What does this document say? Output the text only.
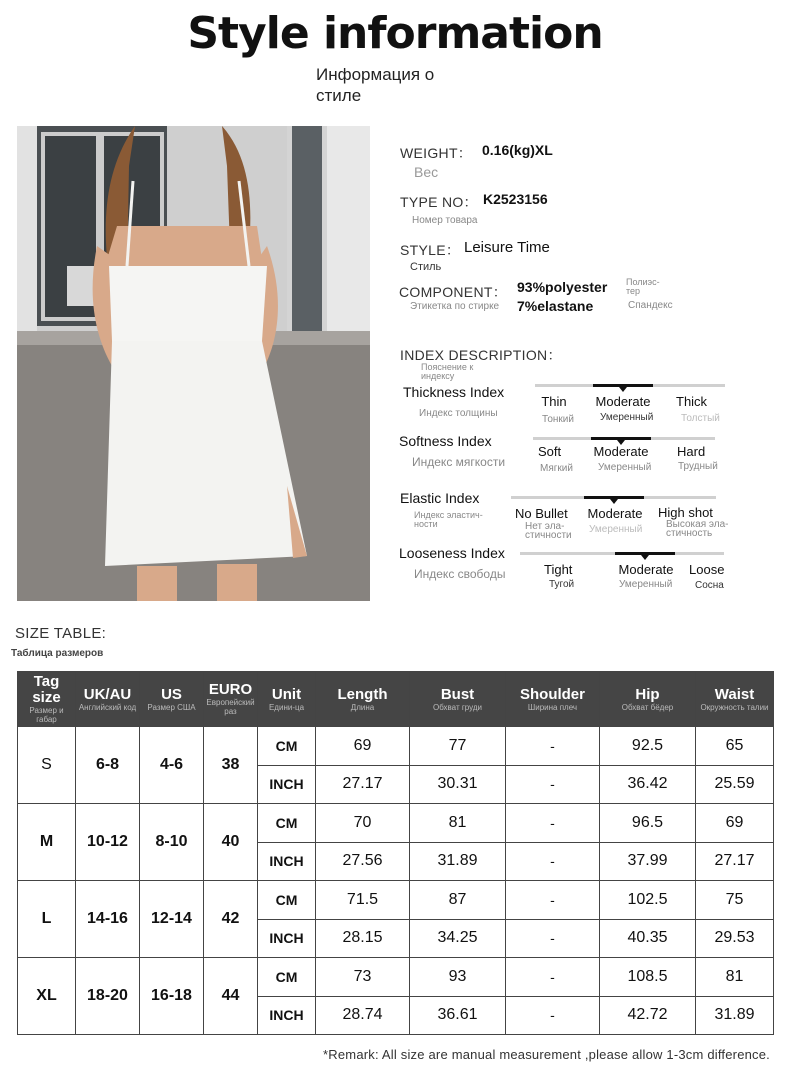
Style information
Информация о стиле
WEIGHT： 0.16(kg)XL
Вес
TYPE NO： K2523156
Номер товара
STYLE： Leisure Time
Стиль
COMPONENT：
Этикетка по стирке
93%polyester
7%elastane
Полиэс-тер
Спандекс
INDEX DESCRIPTION：
Пояснение к индексу
Thickness Index
Индекс толщины
Thin
Тонкий
Moderate
Умеренный
Thick
Толстый
Softness Index
Индекс мягкости
Soft
Мягкий
Moderate
Умеренный
Hard
Трудный
Elastic Index
Индекс эластич-ности
No Bullet
Нет эла-стичности
Moderate
Умеренный
High shot
Высокая эла-стичность
Looseness Index
Индекс свободы	Tight
Тугой
Moderate
Умеренный
Loose
Сосна
SIZE TABLE:
Таблица размеров
Tag size
Размер и габар	UK/AU
Английский код	US
Размер США	EURO
Европейский раз	Unit
Едини-ца	Length
Длина	Bust
Обхват груди	Shoulder
Ширина плеч	Hip
Обхват бёдер	Waist
Окружность талии

S	6-8	4-6	38	CM	69	77	-	92.5	65
				INCH	27.17	30.31	-	36.42	25.59
M	10-12	8-10	40	CM	70	81	-	96.5	69
				INCH	27.56	31.89	-	37.99	27.17
L	14-16	12-14	42	CM	71.5	87	-	102.5	75
				INCH	28.15	34.25	-	40.35	29.53
XL	18-20	16-18	44	CM	73	93	-	108.5	81
				INCH	28.74	36.61	-	42.72	31.89
*Remark: All size are manual measurement ,please allow 1-3cm difference.
